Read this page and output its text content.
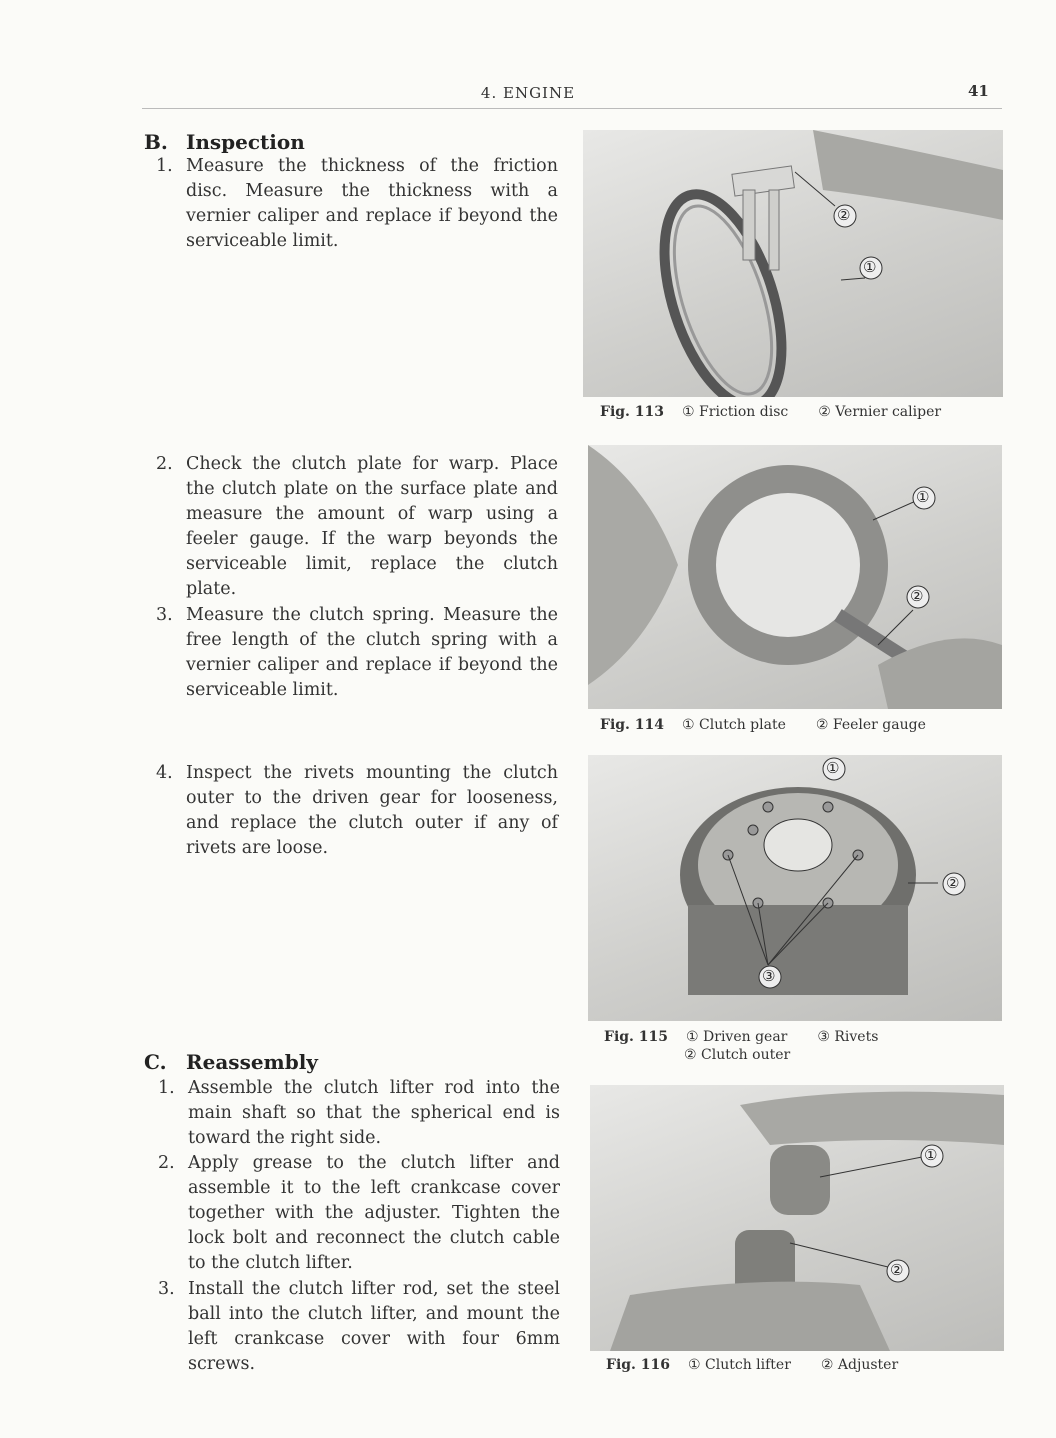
4. ENGINE	41
B. Inspection
1. Measure the thickness of the friction disc. Measure the thickness with a vernier caliper and replace if beyond the serviceable limit.

2. Check the clutch plate for warp. Place the clutch plate on the surface plate and measure the amount of warp using a feeler gauge. If the warp beyonds the serviceable limit, replace the clutch plate.

3. Measure the clutch spring. Measure the free length of the clutch spring with a vernier caliper and replace if beyond the serviceable limit.

4. Inspect the rivets mounting the clutch outer to the driven gear for looseness, and replace the clutch outer if any of rivets are loose.

C. Reassembly
1. Assemble the clutch lifter rod into the main shaft so that the spherical end is toward the right side.

2. Apply grease to the clutch lifter and assemble it to the left crankcase cover together with the adjuster. Tighten the lock bolt and reconnect the clutch cable to the clutch lifter.

3. Install the clutch lifter rod, set the steel ball into the clutch lifter, and mount the left crankcase cover with four 6mm screws.

②
①
Fig. 113 ① Friction disc ② Vernier caliper
①
②
Fig. 114 ① Clutch plate ② Feeler gauge
①
②
③
Fig. 115 ① Driven gear ③ Rivets
② Clutch outer
①
②
Fig. 116 ① Clutch lifter ② Adjuster
